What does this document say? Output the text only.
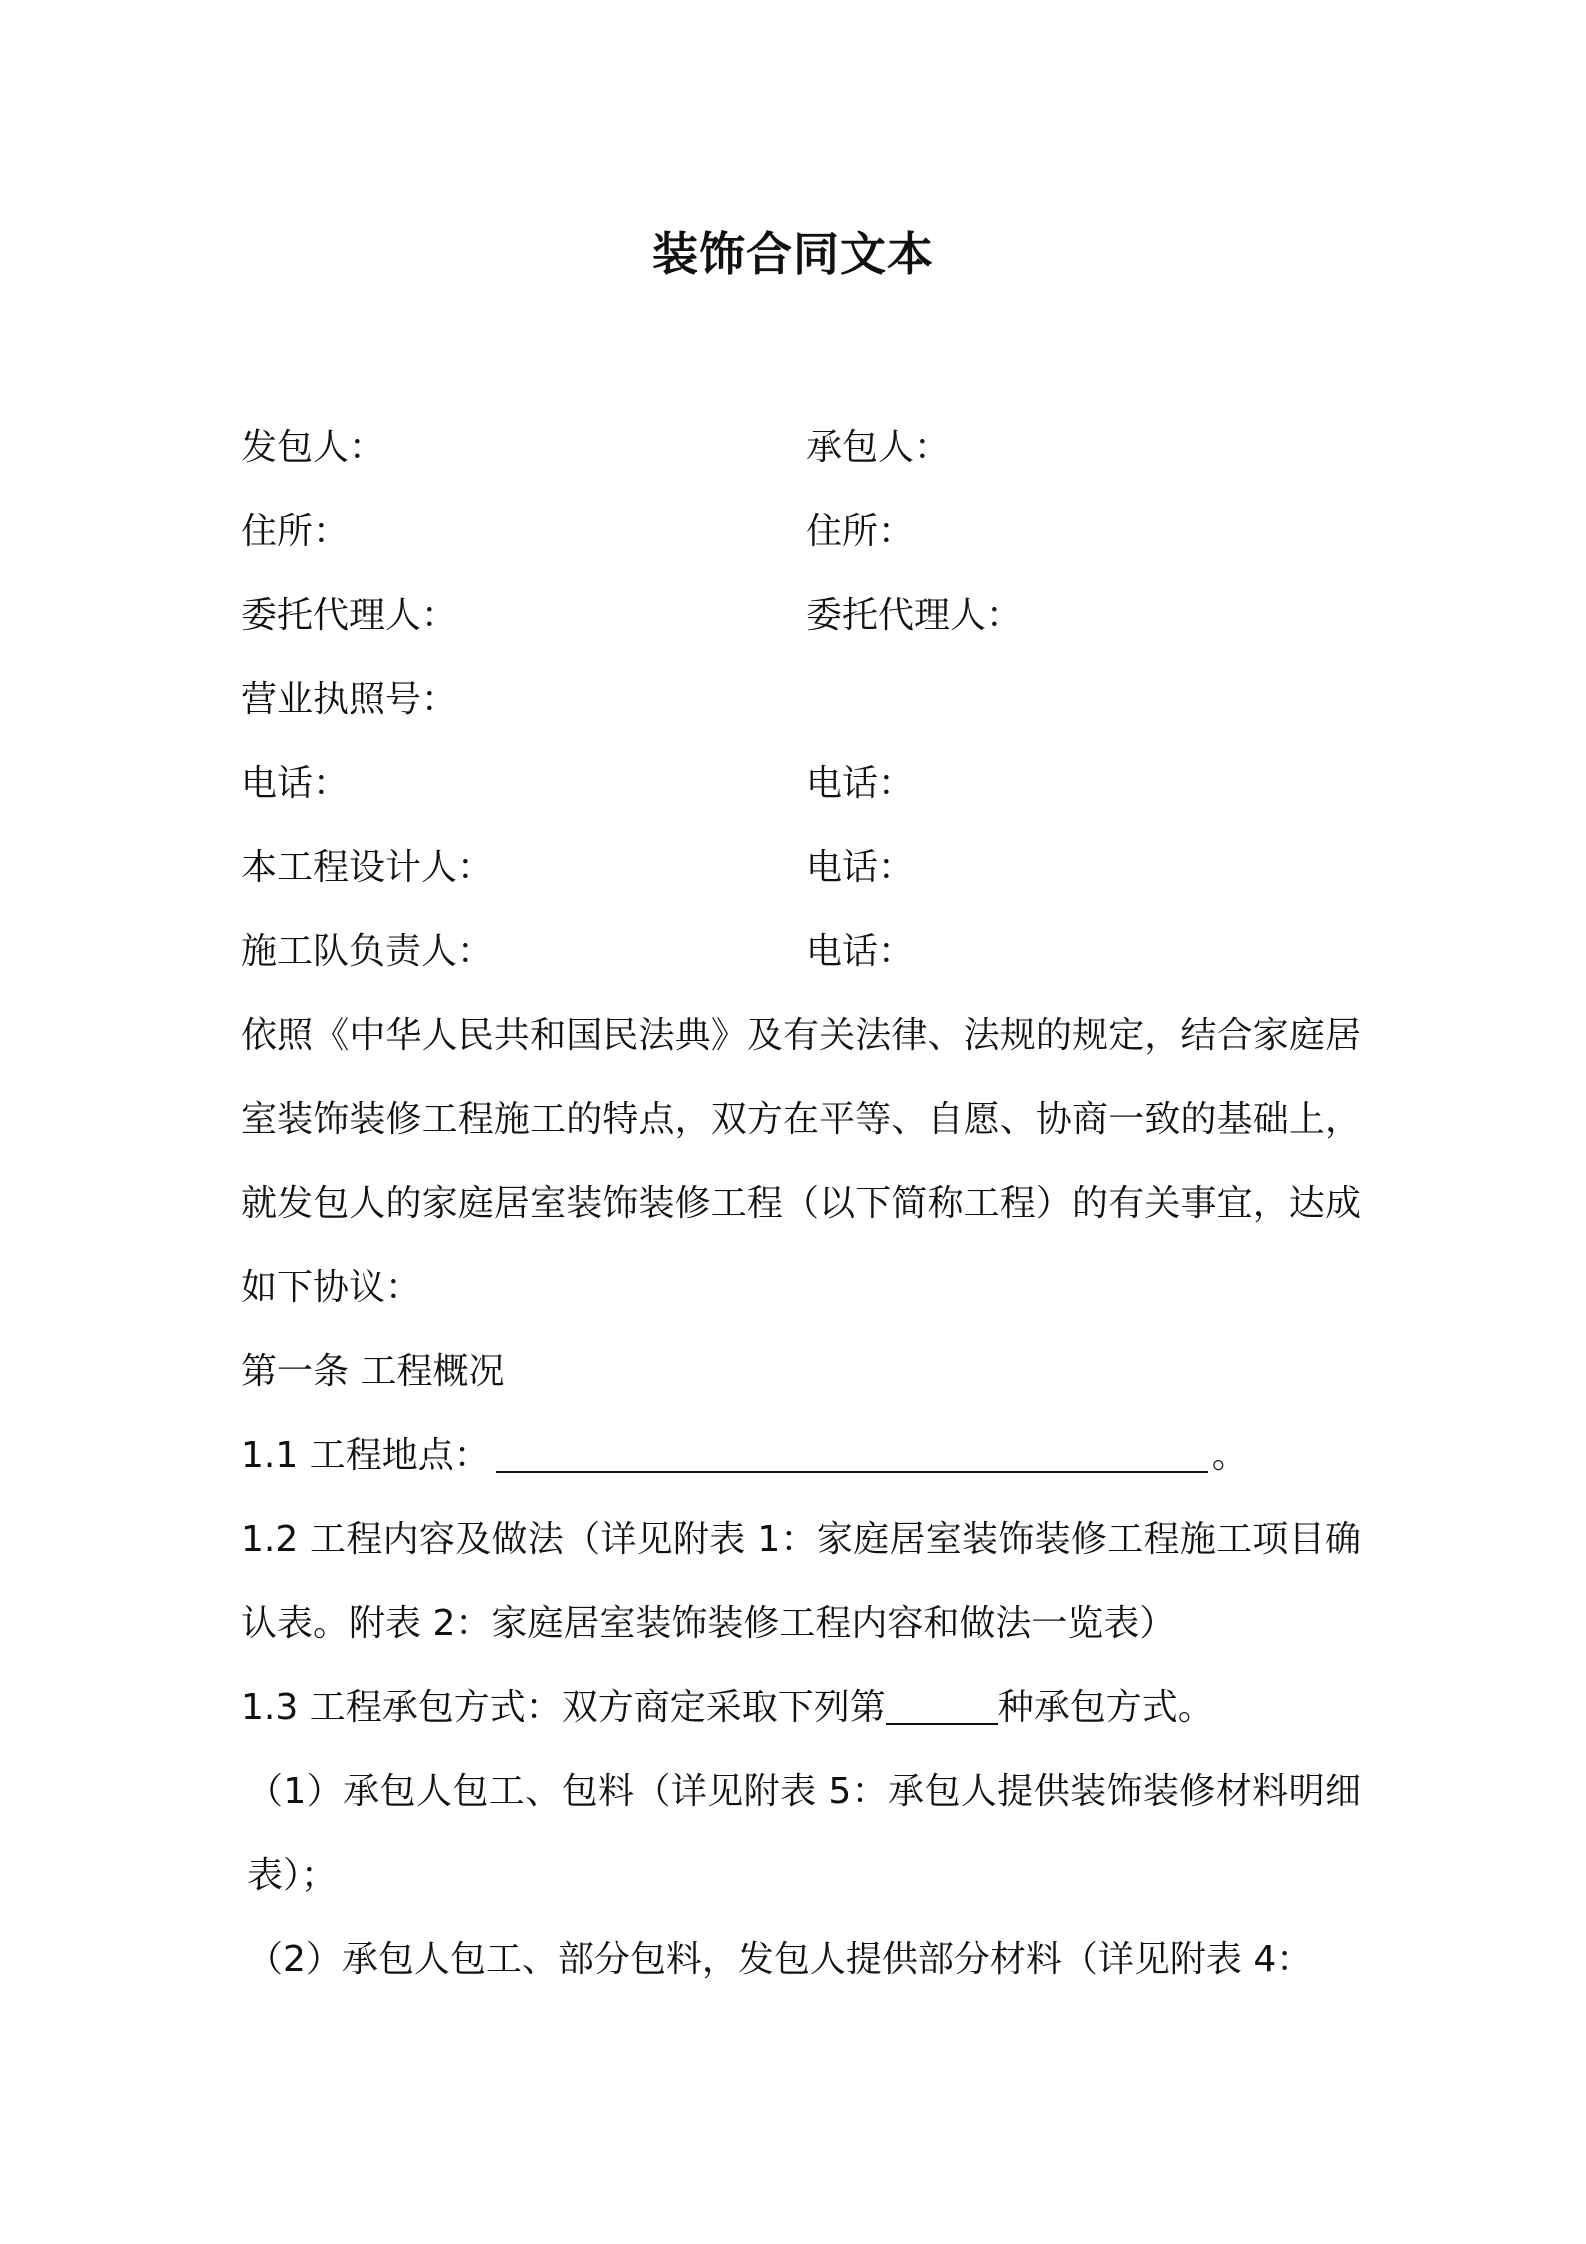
装饰合同文本
发包人：	承包人：
住所：	住所：
委托代理人：	委托代理人：
营业执照号：
电话：	电话：
本工程设计人：	电话：
施工队负责人：	电话：
依照《中华人民共和国民法典》及有关法律、法规的规定，结合家庭居室装饰装修工程施工的特点，双方在平等、自愿、协商一致的基础上，就发包人的家庭居室装饰装修工程（以下简称工程）的有关事宜，达成如下协议：
第一条 工程概况
1.1 工程地点：	。
1.2 工程内容及做法（详见附表 1：家庭居室装饰装修工程施工项目确认表。附表 2：家庭居室装饰装修工程内容和做法一览表）
1.3 工程承包方式：双方商定采取下列第	种承包方式。
（1）承包人包工、包料（详见附表 5：承包人提供装饰装修材料明细表）；
（2）承包人包工、部分包料，发包人提供部分材料（详见附表 4：
